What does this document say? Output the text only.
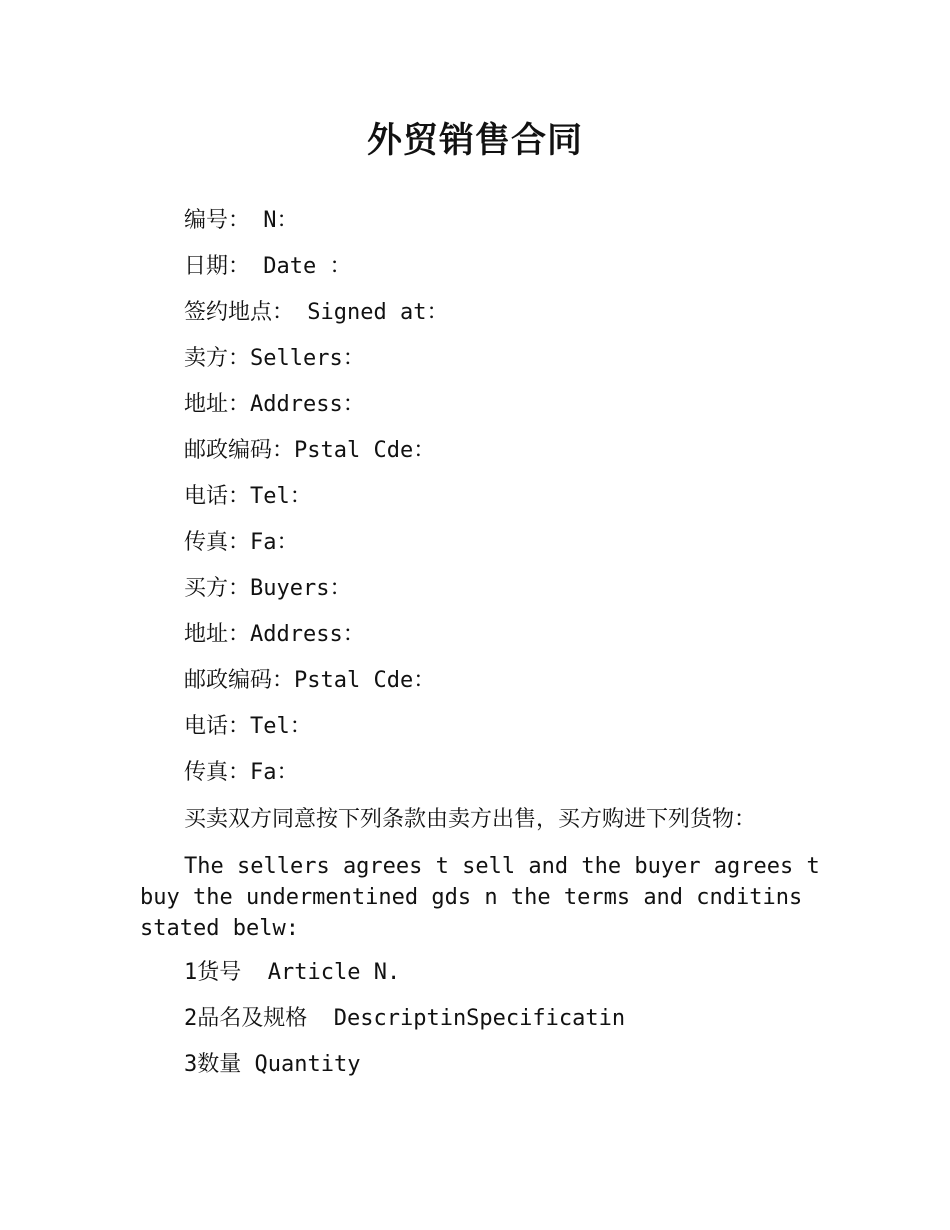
外贸销售合同
编号： N：
日期： Date ：
签约地点： Signed at：
卖方：Sellers：
地址：Address：
邮政编码：Pstal Cde：
电话：Tel：
传真：Fa：
买方：Buyers：
地址：Address：
邮政编码：Pstal Cde：
电话：Tel：
传真：Fa：
买卖双方同意按下列条款由卖方出售，买方购进下列货物：

The sellers agrees t sell and the buyer agrees t buy the undermentined gds n the terms and cnditins stated belw:

1货号  Article N.
2品名及规格  DescriptinSpecificatin
3数量 Quantity
